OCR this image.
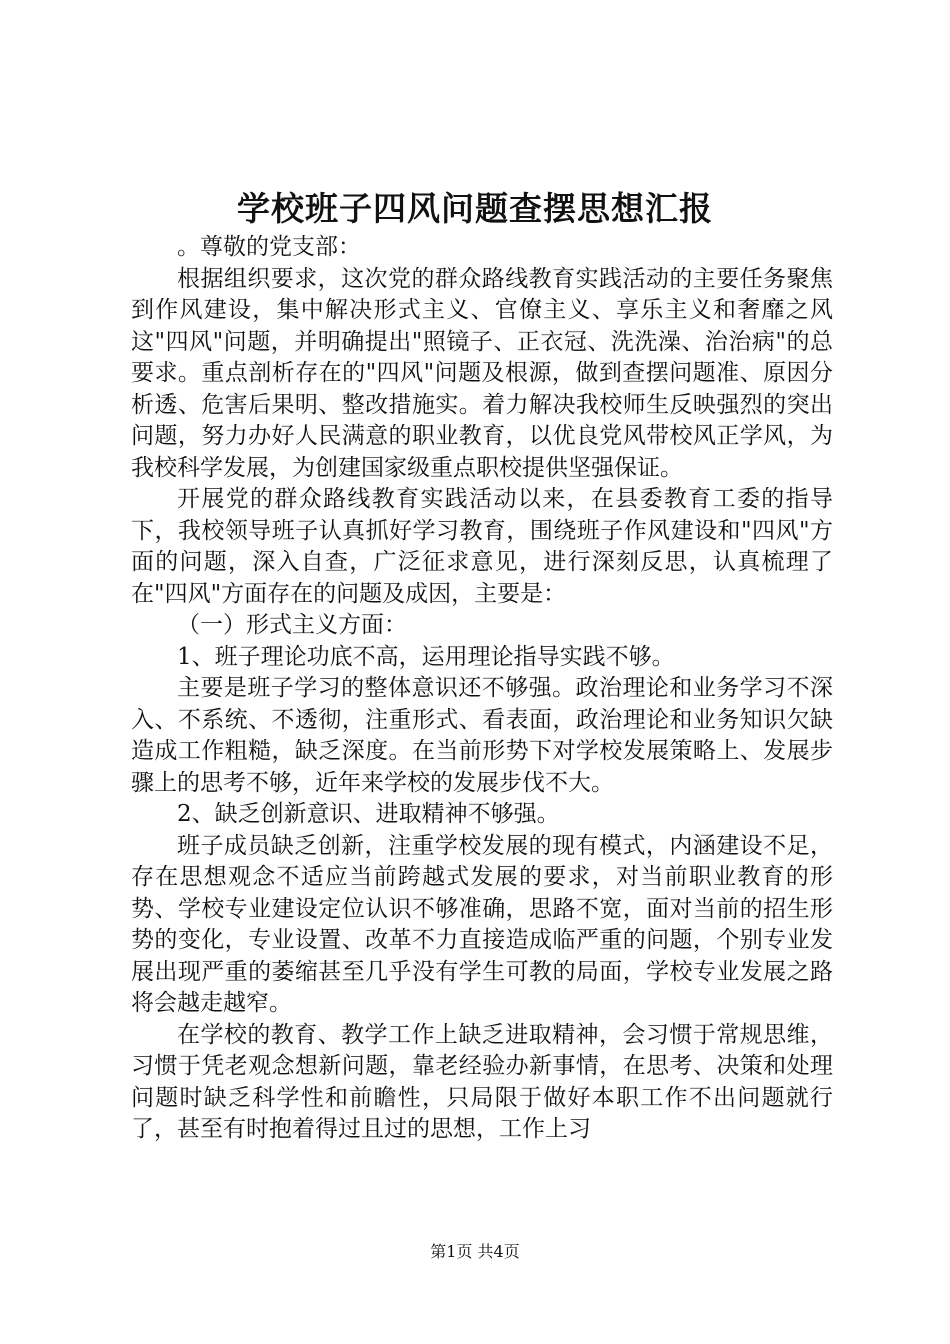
学校班子四风问题查摆思想汇报

。尊敬的党支部：

根据组织要求，这次党的群众路线教育实践活动的主要任务聚焦到作风建设，集中解决形式主义、官僚主义、享乐主义和奢靡之风这"四风"问题，并明确提出"照镜子、正衣冠、洗洗澡、治治病"的总要求。重点剖析存在的"四风"问题及根源，做到查摆问题准、原因分析透、危害后果明、整改措施实。着力解决我校师生反映强烈的突出问题，努力办好人民满意的职业教育，以优良党风带校风正学风，为我校科学发展，为创建国家级重点职校提供坚强保证。

开展党的群众路线教育实践活动以来，在县委教育工委的指导下，我校领导班子认真抓好学习教育，围绕班子作风建设和"四风"方面的问题，深入自查，广泛征求意见，进行深刻反思，认真梳理了在"四风"方面存在的问题及成因，主要是：

（一）形式主义方面：

1、班子理论功底不高，运用理论指导实践不够。

主要是班子学习的整体意识还不够强。政治理论和业务学习不深入、不系统、不透彻，注重形式、看表面，政治理论和业务知识欠缺造成工作粗糙，缺乏深度。在当前形势下对学校发展策略上、发展步骤上的思考不够，近年来学校的发展步伐不大。

2、缺乏创新意识、进取精神不够强。

班子成员缺乏创新，注重学校发展的现有模式，内涵建设不足，存在思想观念不适应当前跨越式发展的要求，对当前职业教育的形势、学校专业建设定位认识不够准确，思路不宽，面对当前的招生形势的变化，专业设置、改革不力直接造成临严重的问题，个别专业发展出现严重的萎缩甚至几乎没有学生可教的局面，学校专业发展之路将会越走越窄。

在学校的教育、教学工作上缺乏进取精神，会习惯于常规思维，习惯于凭老观念想新问题，靠老经验办新事情，在思考、决策和处理问题时缺乏科学性和前瞻性，只局限于做好本职工作不出问题就行了，甚至有时抱着得过且过的思想，工作上习

第1页 共4页
